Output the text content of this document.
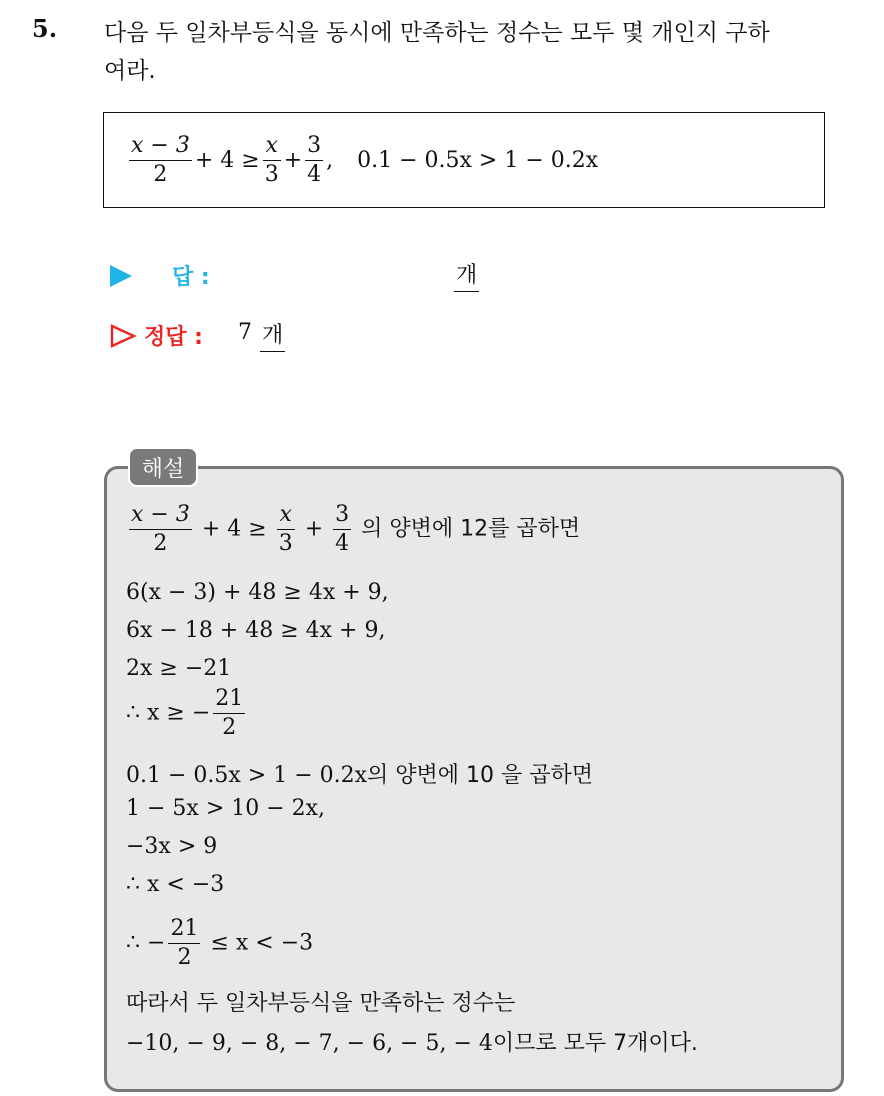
5. 다음 두 일차부등식을 동시에 만족하는 정수는 모두 몇 개인지 구하
여라.
$\frac{x - 3}{2} + 4 \ge \frac{x}{3} + \frac{3}{4}$ , 0.1 − 0.5x > 1 − 0.2x
답 :	개
정답 : 7 개
해설
$\frac{x - 3}{2} + 4 \ge \frac{x}{3} + \frac{3}{4}$ 의 양변에 12를 곱하면
6(x − 3) + 48 ≥ 4x + 9,
6x − 18 + 48 ≥ 4x + 9,
2x ≥ −21
∴ x ≥ − $\frac{21}{2}$
0.1 − 0.5x > 1 − 0.2x의 양변에 10 을 곱하면
1 − 5x > 10 − 2x,
−3x > 9
∴ x < −3
∴ − $\frac{21}{2} \le x < -3$
따라서 두 일차부등식을 만족하는 정수는
−10, − 9, − 8, − 7, − 6, − 5, − 4이므로 모두 7개이다.
